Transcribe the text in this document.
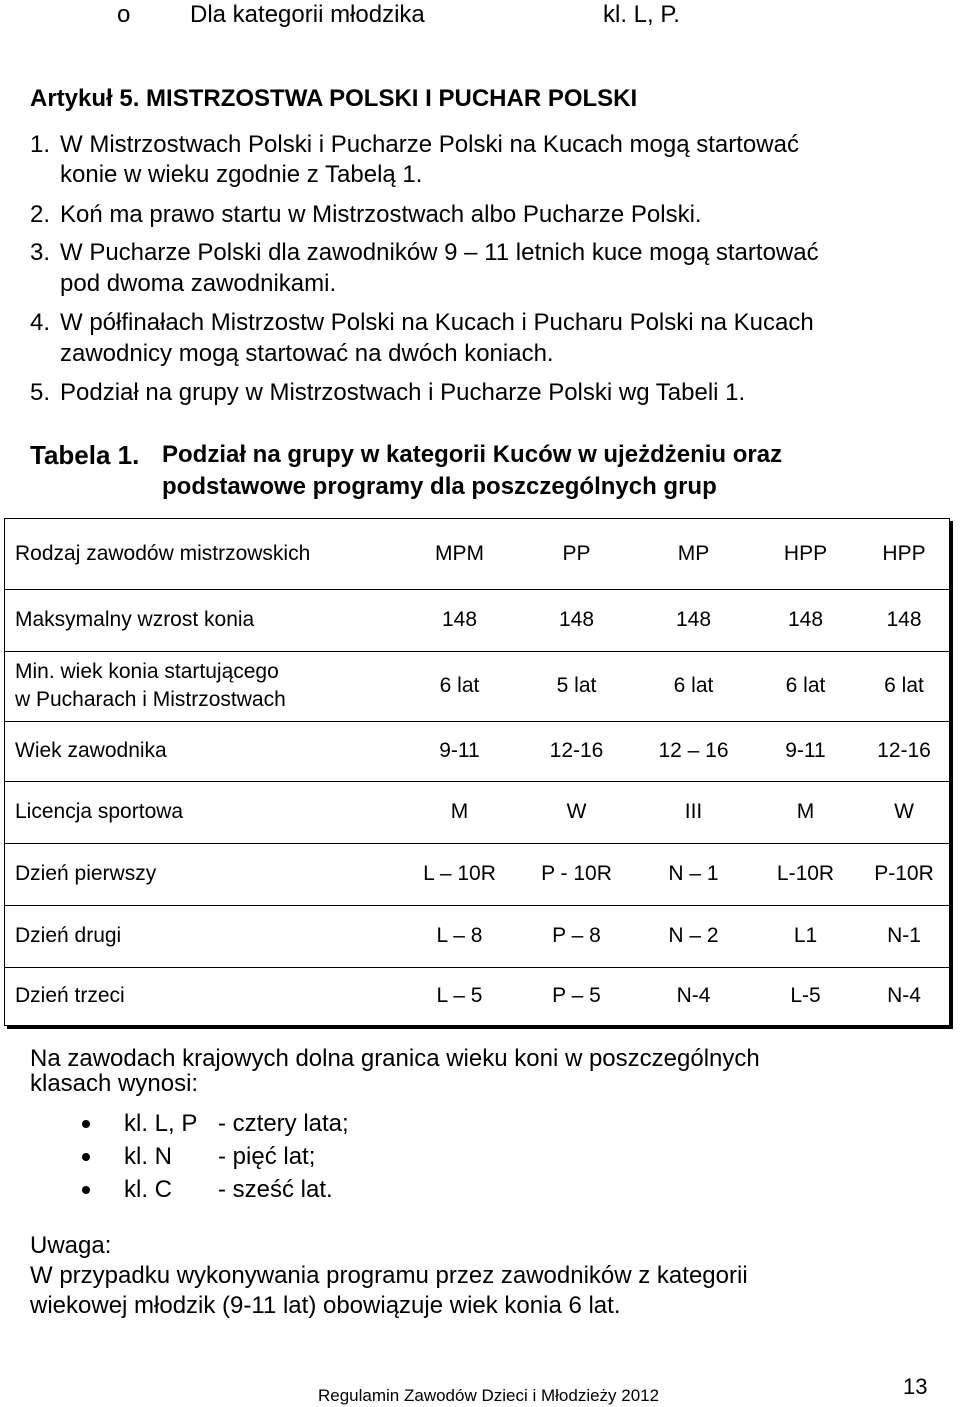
o Dla kategorii młodzika	kl. L, P.
Artykuł 5. MISTRZOSTWA POLSKI I PUCHAR POLSKI
1. W Mistrzostwach Polski i Pucharze Polski na Kucach mogą startować
konie w wieku zgodnie z Tabelą 1.
2. Koń ma prawo startu w Mistrzostwach albo Pucharze Polski.
3. W Pucharze Polski dla zawodników 9 – 11 letnich kuce mogą startować
pod dwoma zawodnikami.
4. W półfinałach Mistrzostw Polski na Kucach i Pucharu Polski na Kucach
zawodnicy mogą startować na dwóch koniach.
5. Podział na grupy w Mistrzostwach i Pucharze Polski wg Tabeli 1.
Tabela 1. Podział na grupy w kategorii Kuców w ujeżdżeniu oraz
podstawowe programy dla poszczególnych grup
Rodzaj zawodów mistrzowskich	MPM	PP	MP	HPP	HPP
Maksymalny wzrost konia	148	148	148	148	148

Min. wiek konia startującego
w Pucharach i Mistrzostwach	6 lat	5 lat	6 lat	6 lat	6 lat
Wiek zawodnika	9-11	12-16	12 – 16	9-11	12-16
Licencja sportowa	M	W	III	M	W
Dzień pierwszy	L – 10R	P - 10R	N – 1	L-10R	P-10R
Dzień drugi	L – 8	P – 8	N – 2	L1	N-1
Dzień trzeci	L – 5	P – 5	N-4	L-5	N-4
Na zawodach krajowych dolna granica wieku koni w poszczególnych
klasach wynosi:
kl. L, P - cztery lata;
kl. N - pięć lat;
kl. C - sześć lat.
Uwaga:
W przypadku wykonywania programu przez zawodników z kategorii
wiekowej młodzik (9-11 lat) obowiązuje wiek konia 6 lat.
Regulamin Zawodów Dzieci i Młodzieży 2012	13
